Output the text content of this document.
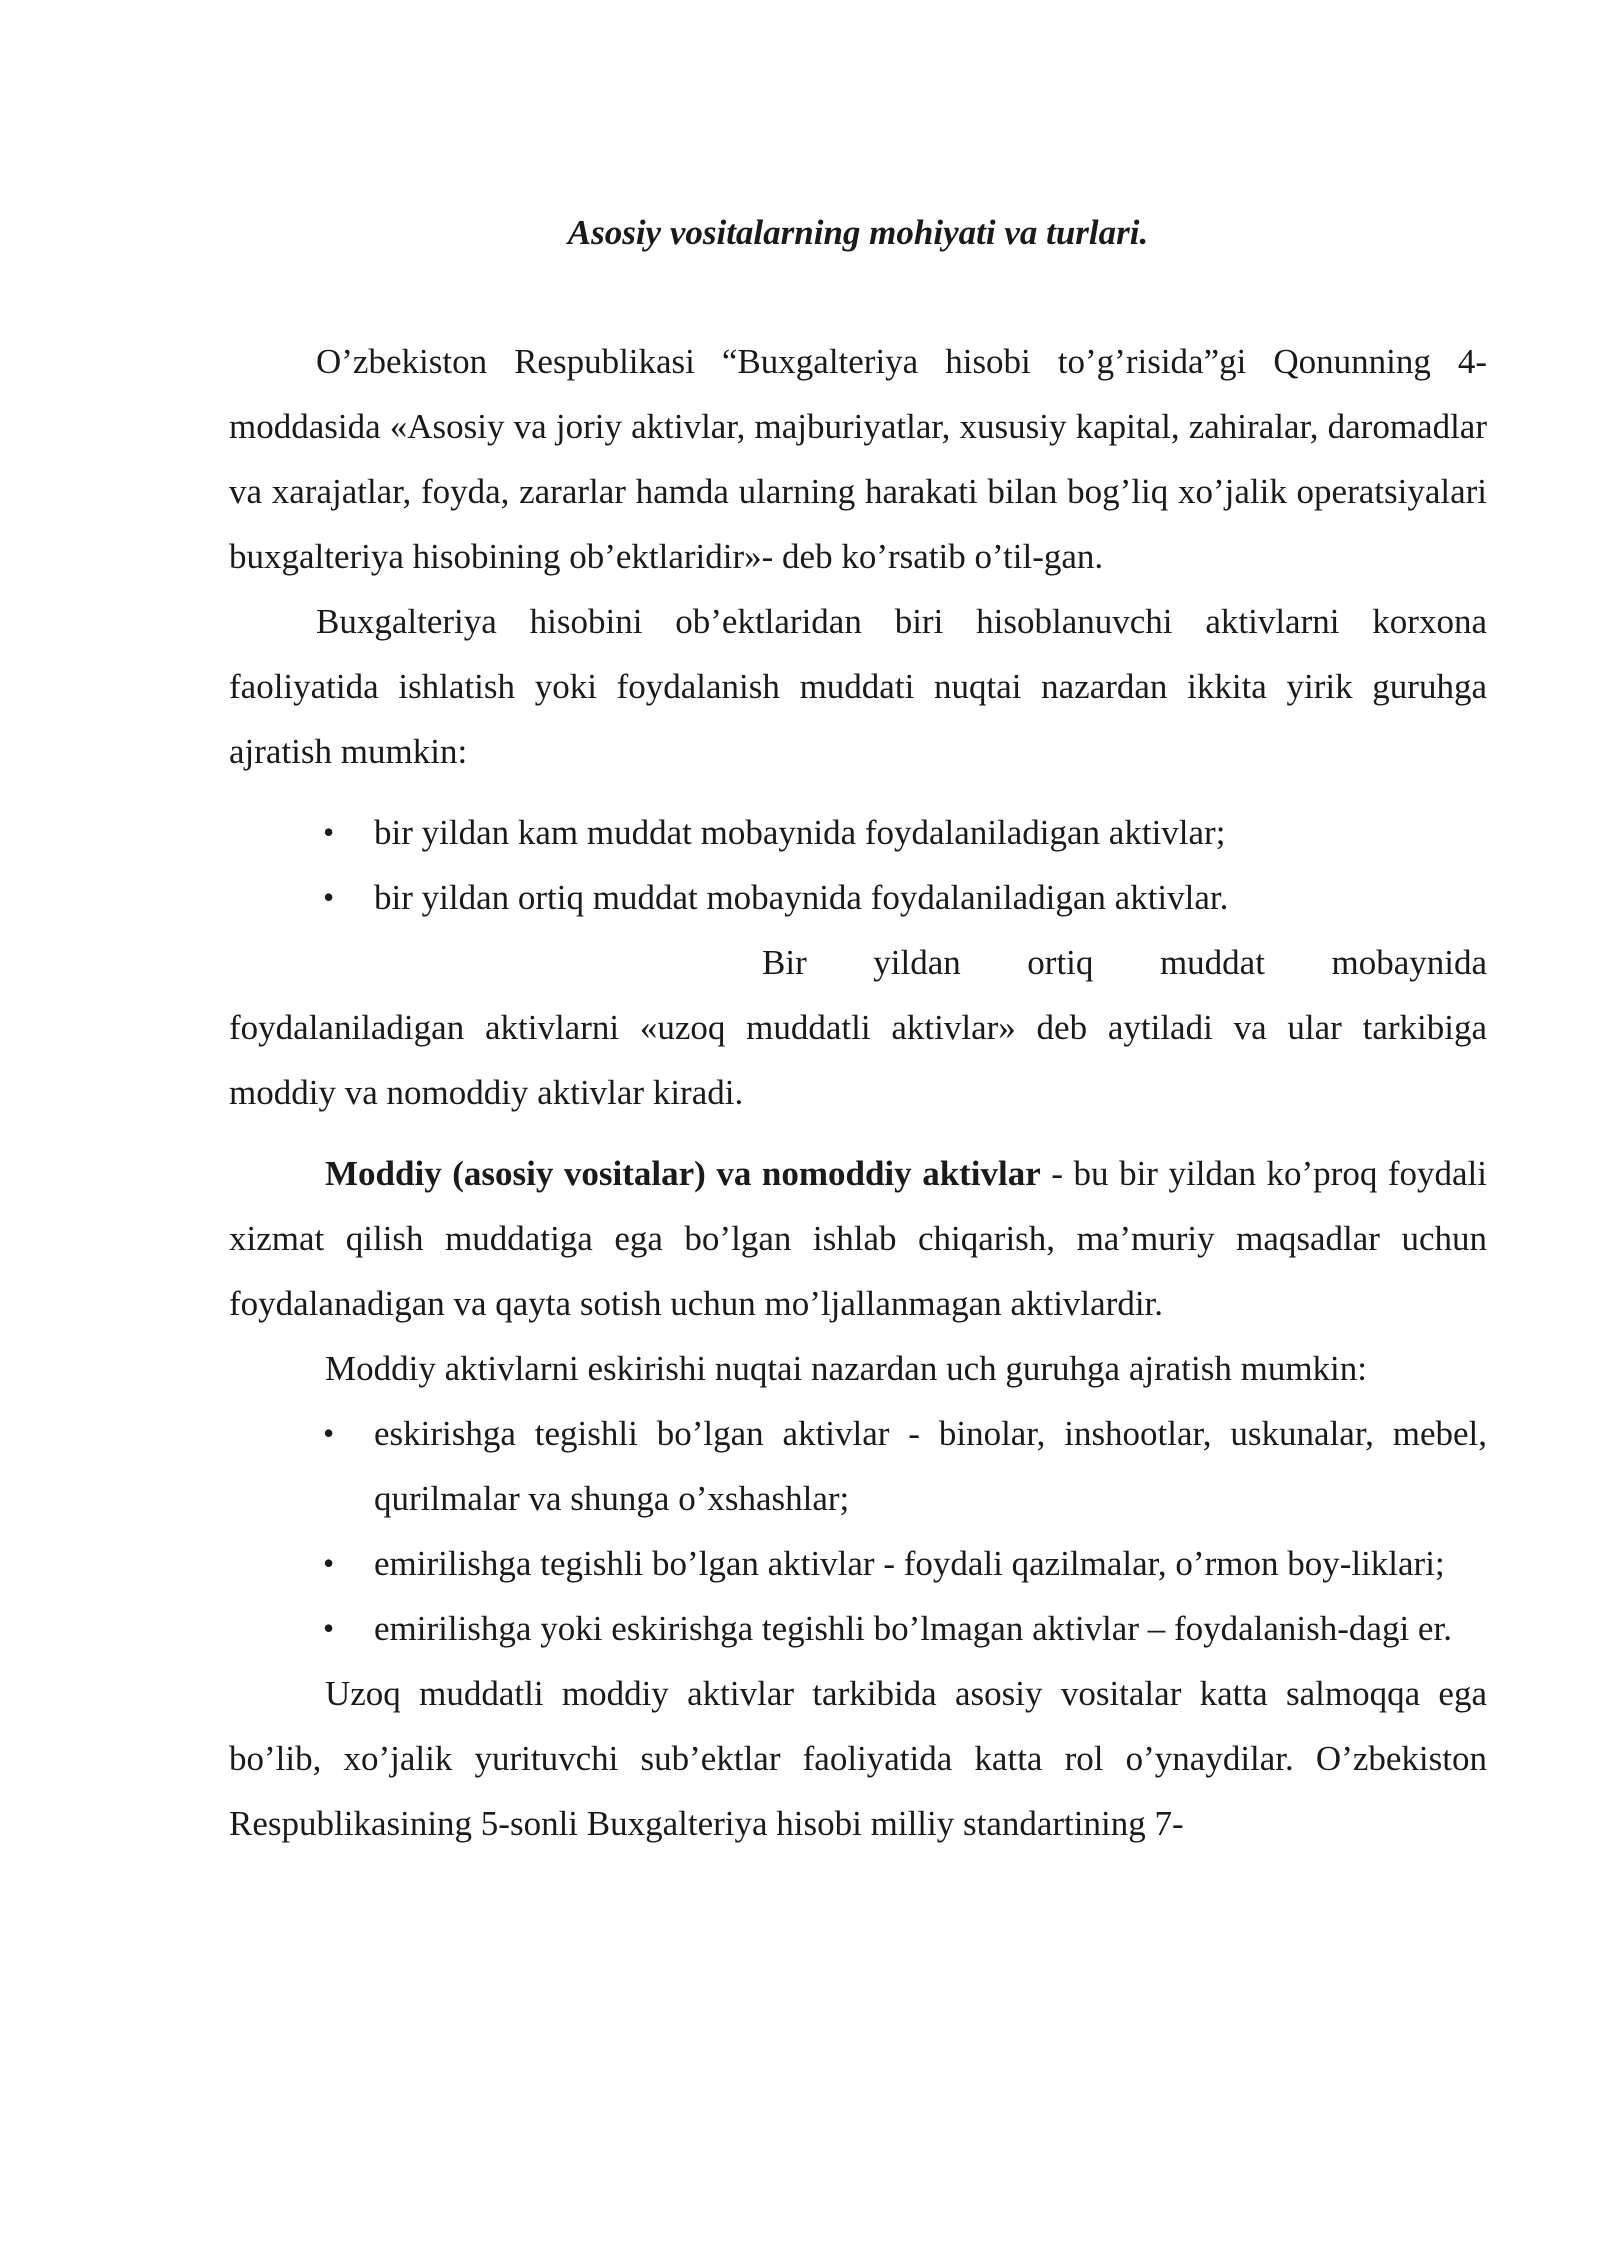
Asosiy vositalarning mohiyati va turlari.

O’zbekiston Respublikasi “Buxgalteriya hisobi to’g’risida”gi Qonunning 4-moddasida «Asosiy va joriy aktivlar, majburiyatlar, xususiy kapital, zahiralar, daromadlar va xarajatlar, foyda, zararlar hamda ularning harakati bilan bog’liq xo’jalik operatsiyalari buxgalteriya hisobining ob’ektlaridir»- deb ko’rsatib o’til-gan.

Buxgalteriya hisobini ob’ektlaridan biri hisoblanuvchi aktivlarni korxona faoliyatida ishlatish yoki foydalanish muddati nuqtai nazardan ikkita yirik guruhga ajratish mumkin:

• bir yildan kam muddat mobaynida foydalaniladigan aktivlar;
• bir yildan ortiq muddat mobaynida foydalaniladigan aktivlar.

Bir yildan ortiq muddat mobaynida

foydalaniladigan aktivlarni «uzoq muddatli aktivlar» deb aytiladi va ular tarkibiga moddiy va nomoddiy aktivlar kiradi.

Moddiy (asosiy vositalar) va nomoddiy aktivlar - bu bir yildan ko’proq foydali xizmat qilish muddatiga ega bo’lgan ishlab chiqarish, ma’muriy maqsadlar uchun foydalanadigan va qayta sotish uchun mo’ljallanmagan aktivlardir.

Moddiy aktivlarni eskirishi nuqtai nazardan uch guruhga ajratish mumkin:

• eskirishga tegishli bo’lgan aktivlar - binolar, inshootlar, uskunalar, mebel, qurilmalar va shunga o’xshashlar;
• emirilishga tegishli bo’lgan aktivlar - foydali qazilmalar, o’rmon boy-liklari;
• emirilishga yoki eskirishga tegishli bo’lmagan aktivlar – foydalanish-dagi er.

Uzoq muddatli moddiy aktivlar tarkibida asosiy vositalar katta salmoqqa ega bo’lib, xo’jalik yurituvchi sub’ektlar faoliyatida katta rol o’ynaydilar. O’zbekiston Respublikasining 5-sonli Buxgalteriya hisobi milliy standartining 7-
